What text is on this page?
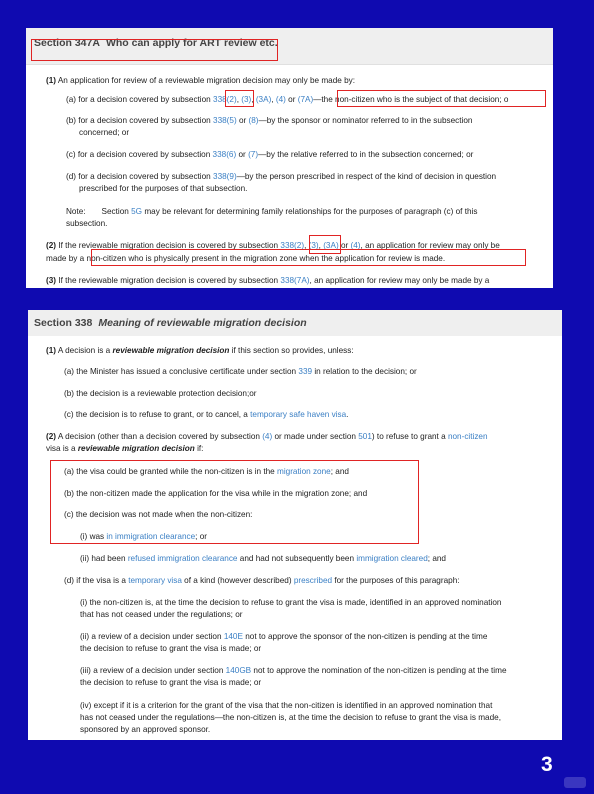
Section 347A Who can apply for ART review etc.
(1) An application for review of a reviewable migration decision may only be made by:
(a) for a decision covered by subsection 338(2), (3), (3A), (4) or (7A)—the non-citizen who is the subject of that decision; o
(b) for a decision covered by subsection 338(5) or (8)—by the sponsor or nominator referred to in the subsection
concerned; or
(c) for a decision covered by subsection 338(6) or (7)—by the relative referred to in the subsection concerned; or
(d) for a decision covered by subsection 338(9)—by the person prescribed in respect of the kind of decision in question
prescribed for the purposes of that subsection.
Note: Section 5G may be relevant for determining family relationships for the purposes of paragraph (c) of this
subsection.
(2) If the reviewable migration decision is covered by subsection 338(2), (3), (3A) or (4), an application for review may only be
made by a non-citizen who is physically present in the migration zone when the application for review is made.
(3) If the reviewable migration decision is covered by subsection 338(7A), an application for review may only be made by a
Section 338 Meaning of reviewable migration decision
(1) A decision is a reviewable migration decision if this section so provides, unless:
(a) the Minister has issued a conclusive certificate under section 339 in relation to the decision; or
(b) the decision is a reviewable protection decision;or
(c) the decision is to refuse to grant, or to cancel, a temporary safe haven visa.
(2) A decision (other than a decision covered by subsection (4) or made under section 501) to refuse to grant a non-citizen
visa is a reviewable migration decision if:
(a) the visa could be granted while the non-citizen is in the migration zone; and
(b) the non-citizen made the application for the visa while in the migration zone; and
(c) the decision was not made when the non-citizen:
(i) was in immigration clearance; or
(ii) had been refused immigration clearance and had not subsequently been immigration cleared; and
(d) if the visa is a temporary visa of a kind (however described) prescribed for the purposes of this paragraph:
(i) the non-citizen is, at the time the decision to refuse to grant the visa is made, identified in an approved nomination
that has not ceased under the regulations; or
(ii) a review of a decision under section 140E not to approve the sponsor of the non-citizen is pending at the time
the decision to refuse to grant the visa is made; or
(iii) a review of a decision under section 140GB not to approve the nomination of the non-citizen is pending at the time
the decision to refuse to grant the visa is made; or
(iv) except if it is a criterion for the grant of the visa that the non-citizen is identified in an approved nomination that
has not ceased under the regulations—the non-citizen is, at the time the decision to refuse to grant the visa is made,
sponsored by an approved sponsor.
3
